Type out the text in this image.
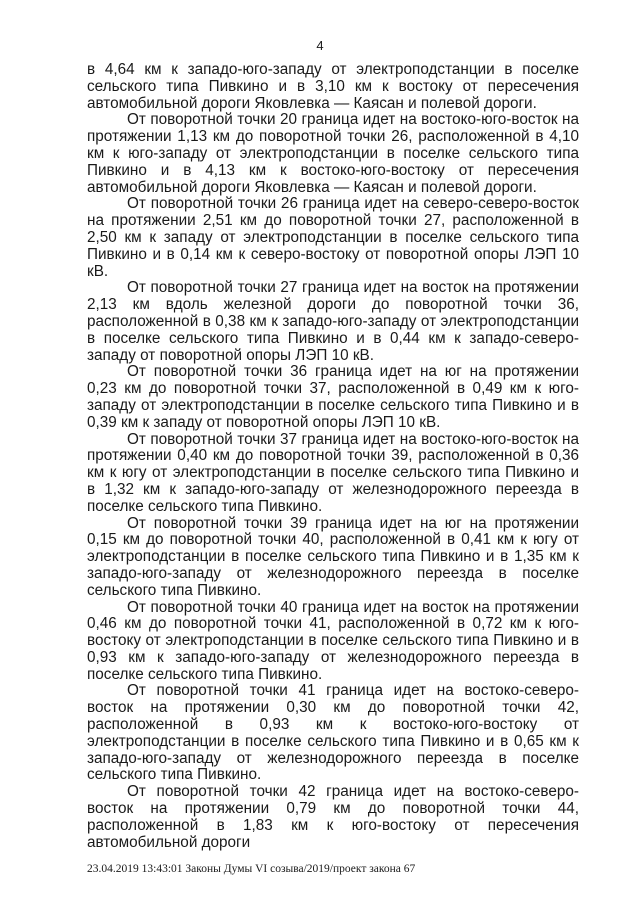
4

в 4,64 км к западо-юго-западу от электроподстанции в поселке сельского типа Пивкино и в 3,10 км к востоку от пересечения автомобильной дороги Яковлевка — Каясан и полевой дороги.

От поворотной точки 20 граница идет на востоко-юго-восток на протяжении 1,13 км до поворотной точки 26, расположенной в 4,10 км к юго-западу от электроподстанции в поселке сельского типа Пивкино и в 4,13 км к востоко-юго-востоку от пересечения автомобильной дороги Яковлевка — Каясан и полевой дороги.

От поворотной точки 26 граница идет на северо-северо-восток на протяжении 2,51 км до поворотной точки 27, расположенной в 2,50 км к западу от электроподстанции в поселке сельского типа Пивкино и в 0,14 км к северо-востоку от поворотной опоры ЛЭП 10 кВ.

От поворотной точки 27 граница идет на восток на протяжении 2,13 км вдоль железной дороги до поворотной точки 36, расположенной в 0,38 км к западо-юго-западу от электроподстанции в поселке сельского типа Пивкино и в 0,44 км к западо-северо-западу от поворотной опоры ЛЭП 10 кВ.

От поворотной точки 36 граница идет на юг на протяжении 0,23 км до поворотной точки 37, расположенной в 0,49 км к юго-западу от электроподстанции в поселке сельского типа Пивкино и в 0,39 км к западу от поворотной опоры ЛЭП 10 кВ.

От поворотной точки 37 граница идет на востоко-юго-восток на протяжении 0,40 км до поворотной точки 39, расположенной в 0,36 км к югу от электроподстанции в поселке сельского типа Пивкино и в 1,32 км к западо-юго-западу от железнодорожного переезда в поселке сельского типа Пивкино.

От поворотной точки 39 граница идет на юг на протяжении 0,15 км до поворотной точки 40, расположенной в 0,41 км к югу от электроподстанции в поселке сельского типа Пивкино и в 1,35 км к западо-юго-западу от железнодорожного переезда в поселке сельского типа Пивкино.

От поворотной точки 40 граница идет на восток на протяжении 0,46 км до поворотной точки 41, расположенной в 0,72 км к юго-востоку от электроподстанции в поселке сельского типа Пивкино и в 0,93 км к западо-юго-западу от железнодорожного переезда в поселке сельского типа Пивкино.

От поворотной точки 41 граница идет на востоко-северо-восток на протяжении 0,30 км до поворотной точки 42, расположенной в 0,93 км к востоко-юго-востоку от электроподстанции в поселке сельского типа Пивкино и в 0,65 км к западо-юго-западу от железнодорожного переезда в поселке сельского типа Пивкино.

От поворотной точки 42 граница идет на востоко-северо-восток на протяжении 0,79 км до поворотной точки 44, расположенной в 1,83 км к юго-востоку от пересечения автомобильной дороги

23.04.2019 13:43:01 Законы Думы VI созыва/2019/проект закона 67
